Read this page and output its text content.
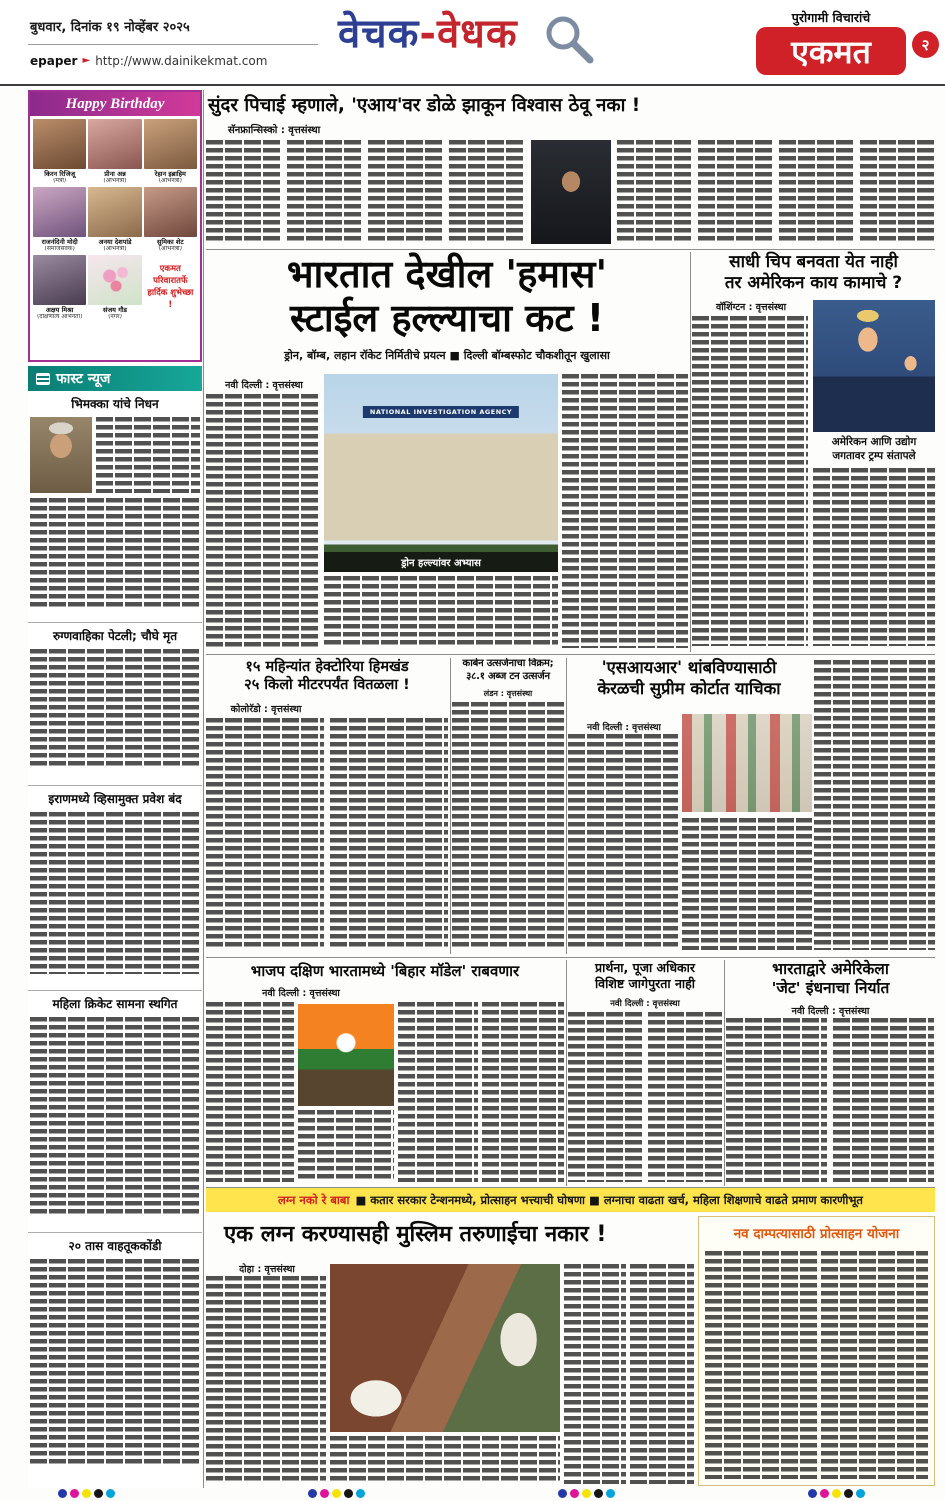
बुधवार, दिनांक १९ नोव्हेंबर २०२५
epaper ► http://www.dainikekmat.com
वेचक-वेधक	पुरोगामी विचारांचे
एकमत	२
Happy Birthday
किरन रिजिजू
(मंत्री)
प्रीना अन्न
(अभिनेत्री)
रेहान इब्राहिम
(अभिनेत्री)
राजनंदिनी मोदी
(समाजसेवक)
अनया देशपांडे
(अभिनेत्री)
सुमिका शेट
(अभिनेत्री)
अक्षय मिश्रा
(दक्षिणात्य अभिनेता)
संजय गौड
(नगर)
एकमत परिवारातर्फे हार्दिक शुभेच्छा !
फास्ट न्यूज
भिमक्का यांचे निधन
रुग्णवाहिका पेटली; चौघे मृत
इराणमध्ये व्हिसामुक्त प्रवेश बंद
महिला क्रिकेट सामना स्थगित
२० तास वाहतूककोंडी
सुंदर पिचाई म्हणाले, 'एआय'वर डोळे झाकून विश्वास ठेवू नका !
सॅनफ्रान्सिस्को : वृत्तसंस्था
भारतात देखील 'हमास'
स्टाईल हल्ल्याचा कट !
ड्रोन, बॉम्ब, लहान रॉकेट निर्मितीचे प्रयत्न ■ दिल्ली बॉम्बस्फोट चौकशीतून खुलासा
नवी दिल्ली : वृत्तसंस्था
NATIONAL INVESTIGATION AGENCY
ड्रोन हल्ल्यांवर अभ्यास
साधी चिप बनवता येत नाही
तर अमेरिकन काय कामाचे ?
वॉशिंग्टन : वृत्तसंस्था
अमेरिकन आणि उद्योग
जगतावर ट्रम्प संतापले
१५ महिन्यांत हेक्टोरिया हिमखंड
२५ किलो मीटरपर्यंत वितळला !
कोलोरॅडो : वृत्तसंस्था
कार्बन उत्सर्जनाचा विक्रम;
३८.१ अब्ज टन उत्सर्जन
लंडन : वृत्तसंस्था
'एसआयआर' थांबविण्यासाठी
केरळची सुप्रीम कोर्टात याचिका
नवी दिल्ली : वृत्तसंस्था
भाजप दक्षिण भारतामध्ये 'बिहार मॉडेल' राबवणार
नवी दिल्ली : वृत्तसंस्था
प्रार्थना, पूजा अधिकार
विशिष्ट जागेपुरता नाही
नवी दिल्ली : वृत्तसंस्था
भारताद्वारे अमेरिकेला
'जेट' इंधनाचा निर्यात
नवी दिल्ली : वृत्तसंस्था
लग्न नको रे बाबा ■ कतार सरकार टेन्शनमध्ये, प्रोत्साहन भत्त्याची घोषणा ■ लग्नाचा वाढता खर्च, महिला शिक्षणाचे वाढते प्रमाण कारणीभूत
एक लग्न करण्यासही मुस्लिम तरुणाईचा नकार !
दोहा : वृत्तसंस्था
नव दाम्पत्यासाठी प्रोत्साहन योजना
